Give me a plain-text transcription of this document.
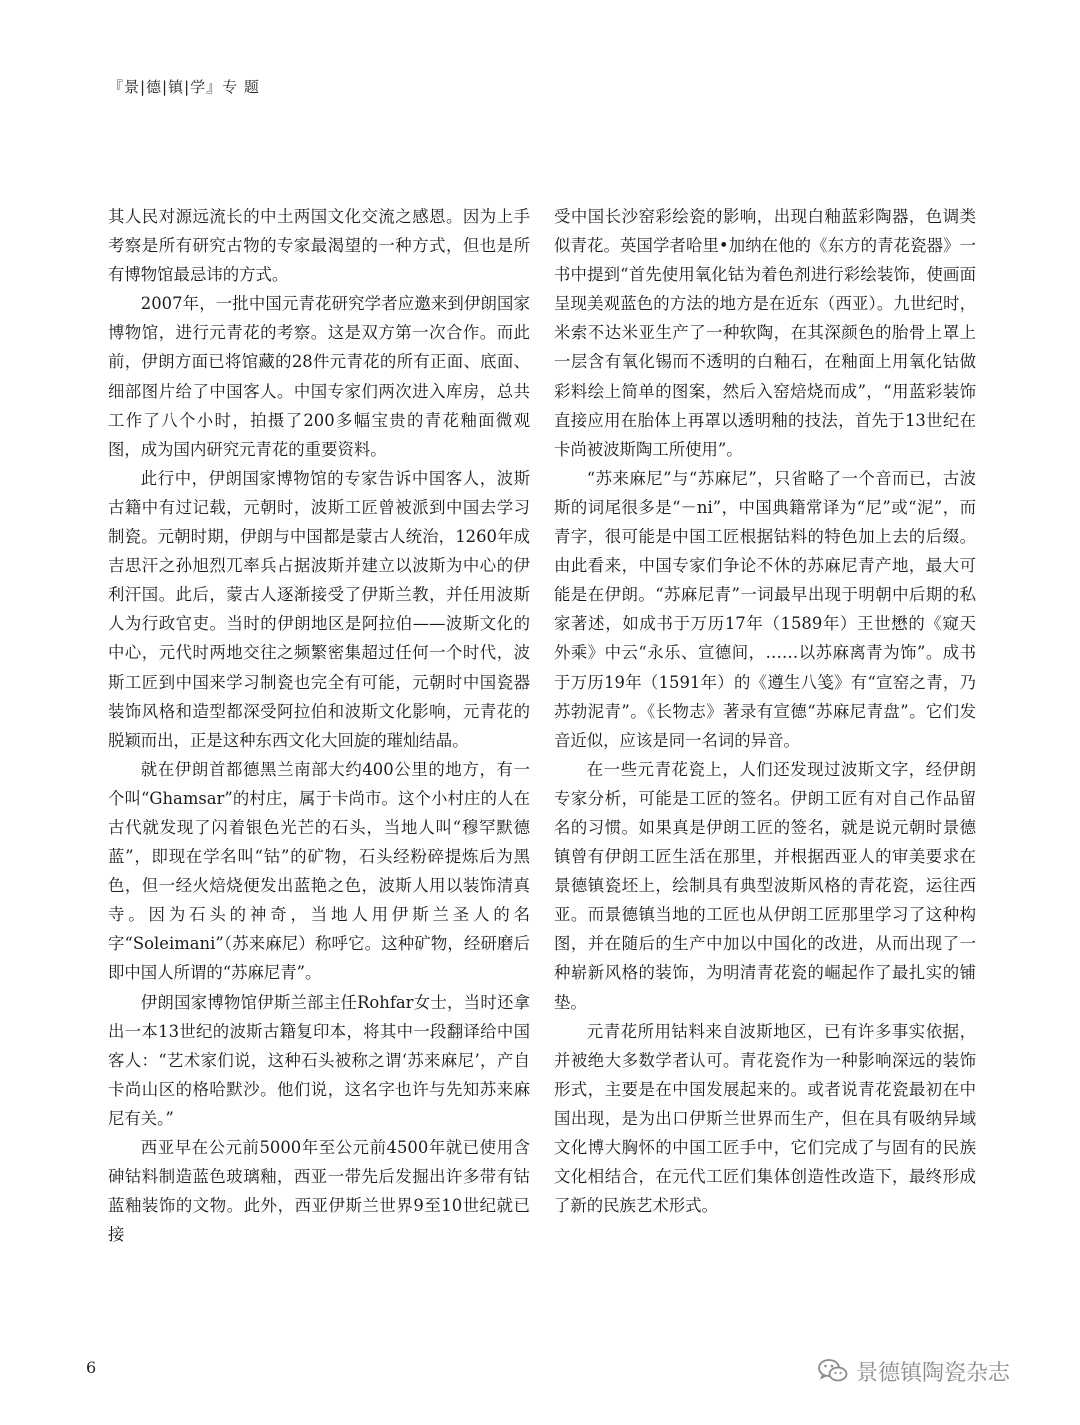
『景|德|镇|学』专 题

其人民对源远流长的中土两国文化交流之感恩。因为上手考察是所有研究古物的专家最渴望的一种方式，但也是所有博物馆最忌讳的方式。

2007年，一批中国元青花研究学者应邀来到伊朗国家博物馆，进行元青花的考察。这是双方第一次合作。而此前，伊朗方面已将馆藏的28件元青花的所有正面、底面、细部图片给了中国客人。中国专家们两次进入库房，总共工作了八个小时，拍摄了200多幅宝贵的青花釉面微观图，成为国内研究元青花的重要资料。

此行中，伊朗国家博物馆的专家告诉中国客人，波斯古籍中有过记载，元朝时，波斯工匠曾被派到中国去学习制瓷。元朝时期，伊朗与中国都是蒙古人统治，1260年成吉思汗之孙旭烈兀率兵占据波斯并建立以波斯为中心的伊利汗国。此后，蒙古人逐渐接受了伊斯兰教，并任用波斯人为行政官吏。当时的伊朗地区是阿拉伯——波斯文化的中心，元代时两地交往之频繁密集超过任何一个时代，波斯工匠到中国来学习制瓷也完全有可能，元朝时中国瓷器装饰风格和造型都深受阿拉伯和波斯文化影响，元青花的脱颖而出，正是这种东西文化大回旋的璀灿结晶。

就在伊朗首都德黑兰南部大约400公里的地方，有一个叫“Ghamsar”的村庄，属于卡尚市。这个小村庄的人在古代就发现了闪着银色光芒的石头，当地人叫“穆罕默德蓝”，即现在学名叫“钴”的矿物，石头经粉碎提炼后为黑色，但一经火焙烧便发出蓝艳之色，波斯人用以装饰清真寺。因为石头的神奇，当地人用伊斯兰圣人的名字“Soleimani”（苏来麻尼）称呼它。这种矿物，经研磨后即中国人所谓的“苏麻尼青”。

伊朗国家博物馆伊斯兰部主任Rohfar女士，当时还拿出一本13世纪的波斯古籍复印本，将其中一段翻译给中国客人：“艺术家们说，这种石头被称之谓‘苏来麻尼’，产自卡尚山区的格哈默沙。他们说，这名字也许与先知苏来麻尼有关。”

西亚早在公元前5000年至公元前4500年就已使用含砷钴料制造蓝色玻璃釉，西亚一带先后发掘出许多带有钴蓝釉装饰的文物。此外，西亚伊斯兰世界9至10世纪就已接

受中国长沙窑彩绘瓷的影响，出现白釉蓝彩陶器，色调类似青花。英国学者哈里•加纳在他的《东方的青花瓷器》一书中提到“首先使用氧化钴为着色剂进行彩绘装饰，使画面呈现美观蓝色的方法的地方是在近东（西亚）。九世纪时，米索不达米亚生产了一种软陶，在其深颜色的胎骨上罩上一层含有氧化锡而不透明的白釉石，在釉面上用氧化钴做彩料绘上简单的图案，然后入窑焙烧而成”，“用蓝彩装饰直接应用在胎体上再罩以透明釉的技法，首先于13世纪在卡尚被波斯陶工所使用”。

“苏来麻尼”与“苏麻尼”，只省略了一个音而已，古波斯的词尾很多是“－ni”，中国典籍常译为“尼”或“泥”，而青字，很可能是中国工匠根据钴料的特色加上去的后缀。由此看来，中国专家们争论不休的苏麻尼青产地，最大可能是在伊朗。“苏麻尼青”一词最早出现于明朝中后期的私家著述，如成书于万历17年（1589年）王世懋的《窥天外乘》中云“永乐、宣德间，……以苏麻离青为饰”。成书于万历19年（1591年）的《遵生八笺》有“宣窑之青，乃苏勃泥青”。《长物志》著录有宣德“苏麻尼青盘”。它们发音近似，应该是同一名词的异音。

在一些元青花瓷上，人们还发现过波斯文字，经伊朗专家分析，可能是工匠的签名。伊朗工匠有对自己作品留名的习惯。如果真是伊朗工匠的签名，就是说元朝时景德镇曾有伊朗工匠生活在那里，并根据西亚人的审美要求在景德镇瓷坯上，绘制具有典型波斯风格的青花瓷，运往西亚。而景德镇当地的工匠也从伊朗工匠那里学习了这种构图，并在随后的生产中加以中国化的改进，从而出现了一种崭新风格的装饰，为明清青花瓷的崛起作了最扎实的铺垫。

元青花所用钴料来自波斯地区，已有许多事实依据，并被绝大多数学者认可。青花瓷作为一种影响深远的装饰形式，主要是在中国发展起来的。或者说青花瓷最初在中国出现，是为出口伊斯兰世界而生产，但在具有吸纳异域文化博大胸怀的中国工匠手中，它们完成了与固有的民族文化相结合，在元代工匠们集体创造性改造下，最终形成了新的民族艺术形式。

6	景德镇陶瓷杂志
